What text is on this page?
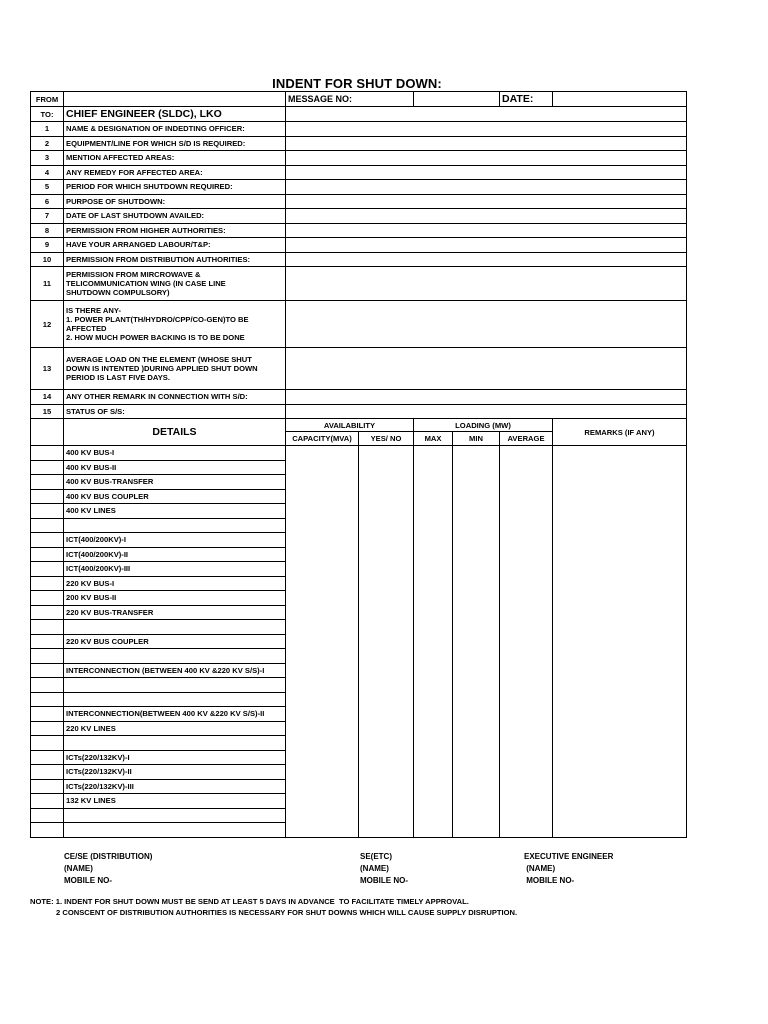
INDENT FOR SHUT DOWN:
FROM		MESSAGE NO:				DATE:	
TO:	CHIEF ENGINEER (SLDC), LKO						
1	NAME & DESIGNATION OF INDEDTING OFFICER:						
2	EQUIPMENT/LINE FOR WHICH S/D IS REQUIRED:						
3	MENTION AFFECTED AREAS:						
4	ANY REMEDY FOR AFFECTED AREA:						
5	PERIOD FOR WHICH SHUTDOWN REQUIRED:						
6	PURPOSE OF SHUTDOWN:						
7	DATE OF LAST SHUTDOWN AVAILED:						
8	PERMISSION FROM HIGHER AUTHORITIES:						
9	HAVE YOUR ARRANGED LABOUR/T&P:						
10	PERMISSION FROM DISTRIBUTION AUTHORITIES:						
11	PERMISSION FROM MIRCROWAVE &
TELICOMMUNICATION WING (IN CASE LINE
SHUTDOWN COMPULSORY)						

12	IS THERE ANY-
1. POWER PLANT(TH/HYDRO/CPP/CO-GEN)TO BE
AFFECTED
2. HOW MUCH POWER BACKING IS TO BE DONE						

13	AVERAGE LOAD ON THE ELEMENT (WHOSE SHUT
DOWN IS INTENTED )DURING APPLIED SHUT DOWN
PERIOD IS LAST FIVE DAYS.						

14	ANY OTHER REMARK IN CONNECTION WITH S/D:						
15	STATUS OF S/S:						
	DETAILS	AVAILABILITY		LOADING (MW)			REMARKS (IF ANY)
		CAPACITY(MVA)	YES/ NO	MAX	MIN	AVERAGE	
	400 KV BUS-I						
	400 KV BUS-II						
	400 KV BUS-TRANSFER						
	400 KV BUS COUPLER						
	400 KV LINES						

	ICT(400/200KV)-I						
	ICT(400/200KV)-II						
	ICT(400/200KV)-III						
	220 KV BUS-I						
	200 KV BUS-II						
	220 KV BUS-TRANSFER						

	220 KV BUS COUPLER						

	INTERCONNECTION (BETWEEN 400 KV &220 KV S/S)-I						

	INTERCONNECTION(BETWEEN 400 KV &220 KV S/S)-II						
	220 KV LINES						

	ICTs(220/132KV)-I						
	ICTs(220/132KV)-II						
	ICTs(220/132KV)-III						
	132 KV LINES						

CE/SE (DISTRIBUTION)
(NAME)
MOBILE NO-
SE(ETC)
(NAME)
MOBILE NO-
EXECUTIVE ENGINEER
(NAME)
MOBILE NO-
NOTE: 1. INDENT FOR SHUT DOWN MUST BE SEND AT LEAST 5 DAYS IN ADVANCE  TO FACILITATE TIMELY APPROVAL.
2 CONSCENT OF DISTRIBUTION AUTHORITIES IS NECESSARY FOR SHUT DOWNS WHICH WILL CAUSE SUPPLY DISRUPTION.
